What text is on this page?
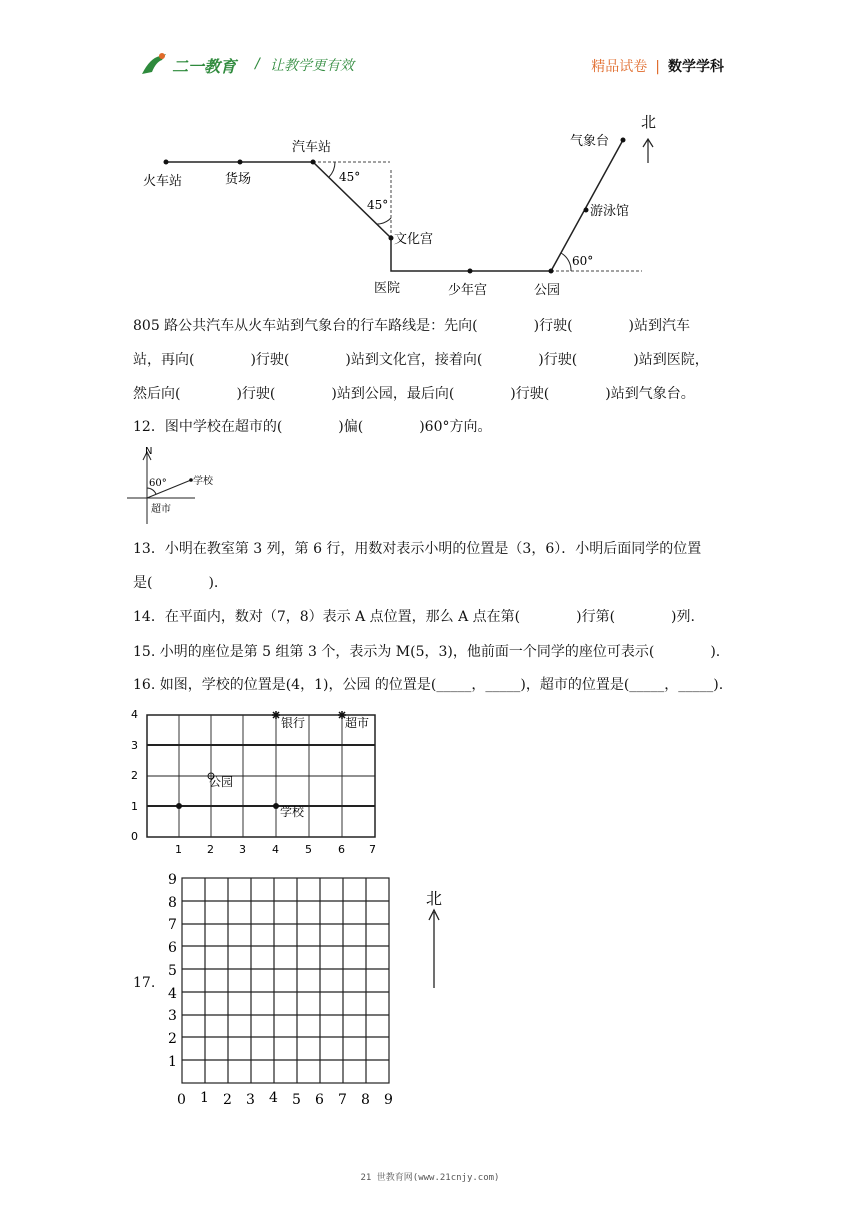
二一教育 / 让教学更有效	精品试卷 | 数学学科
北
火车站	货场
汽车站
文化宫
医院	少年宫	公园
游泳馆
气象台
45°
45°
60°
805 路公共汽车从火车站到气象台的行车路线是：先向(　　　　)行驶(　　　　)站到汽车
站，再向(　　　　)行驶(　　　　)站到文化宫，接着向(　　　　)行驶(　　　　)站到医院，
然后向(　　　　)行驶(　　　　)站到公园，最后向(　　　　)行驶(　　　　)站到气象台。
12．图中学校在超市的(　　　　)偏(　　　　)60°方向。
N
60°	学校
超市
13．小明在教室第 3 列，第 6 行，用数对表示小明的位置是（3，6）．小明后面同学的位置
是(　　　　).
14．在平面内，数对（7，8）表示 A 点位置，那么 A 点在第(　　　　)行第(　　　　)列.
15. 小明的座位是第 5 组第 3 个，表示为 M(5，3)，他前面一个同学的座位可表示(　　　　).
16. 如图，学校的位置是(4，1)，公园 的位置是(_____，_____)，超市的位置是(_____，_____).
0
1
2
3
4
1 2 3 4 5 6 7
银行	超市
公园
学校
17.
1
2
3
4
5
6
7
8
9
0 1 2 3 4 5 6 7 8 9
北
21 世教育网(www.21cnjy.com)
